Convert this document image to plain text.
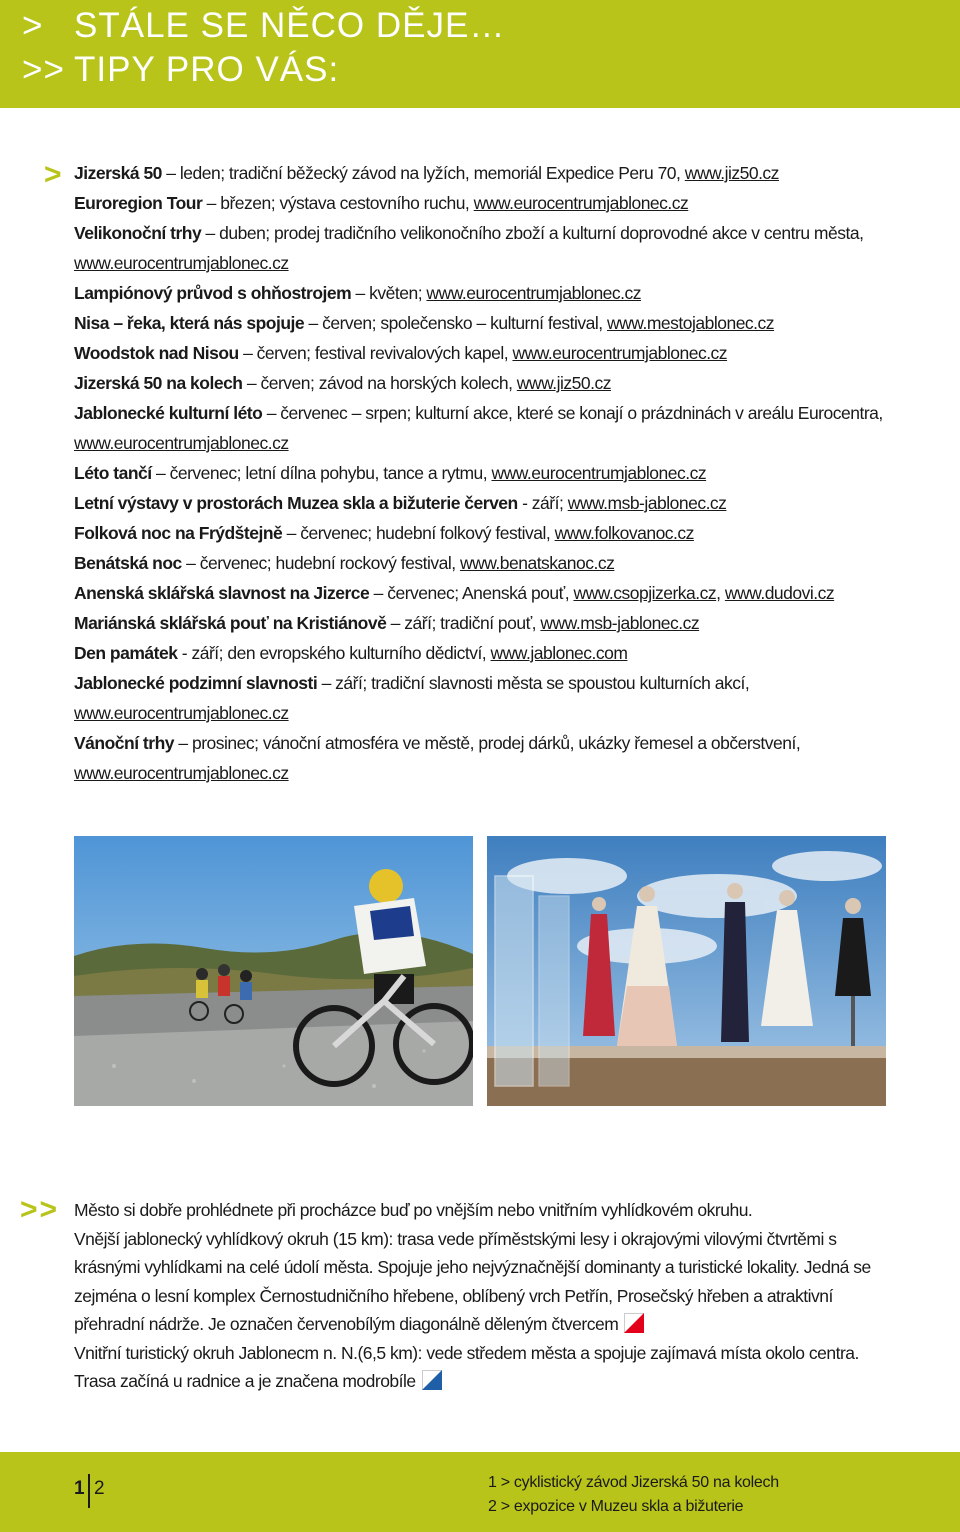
> STÁLE SE NĚCO DĚJE…
>> TIPY PRO VÁS:
> Jizerská 50 – leden; tradiční běžecký závod na lyžích, memoriál Expedice Peru 70, www.jiz50.cz
Euroregion Tour – březen; výstava cestovního ruchu, www.eurocentrumjablonec.cz
Velikonoční trhy – duben; prodej tradičního velikonočního zboží a kulturní doprovodné akce v centru města, www.eurocentrumjablonec.cz
Lampiónový průvod s ohňostrojem – květen; www.eurocentrumjablonec.cz
Nisa – řeka, která nás spojuje – červen; společensko – kulturní festival, www.mestojablonec.cz
Woodstok nad Nisou – červen; festival revivalových kapel, www.eurocentrumjablonec.cz
Jizerská 50 na kolech – červen; závod na horských kolech, www.jiz50.cz
Jablonecké kulturní léto – červenec – srpen; kulturní akce, které se konají o prázdninách v areálu Eurocentra, www.eurocentrumjablonec.cz
Léto tančí – červenec; letní dílna pohybu, tance a rytmu, www.eurocentrumjablonec.cz
Letní výstavy v prostorách Muzea skla a bižuterie červen - září; www.msb-jablonec.cz
Folková noc na Frýdštejně – červenec; hudební folkový festival, www.folkovanoc.cz
Benátská noc – červenec; hudební rockový festival, www.benatskanoc.cz
Anenská sklářská slavnost na Jizerce – červenec; Anenská pouť, www.csopjizerka.cz, www.dudovi.cz
Mariánská sklářská pouť na Kristiánově – září; tradiční pouť, www.msb-jablonec.cz
Den památek - září; den evropského kulturního dědictví, www.jablonec.com
Jablonecké podzimní slavnosti – září; tradiční slavnosti města se spoustou kulturních akcí, www.eurocentrumjablonec.cz
Vánoční trhy – prosinec; vánoční atmosféra ve městě, prodej dárků, ukázky řemesel a občerstvení, www.eurocentrumjablonec.cz
>> Město si dobře prohlédnete při procházce buď po vnějším nebo vnitřním vyhlídkovém okruhu.

Vnější jablonecký vyhlídkový okruh (15 km): trasa vede příměstskými lesy i okrajovými vilovými čtvrtěmi s krásnými vyhlídkami na celé údolí města. Spojuje jeho nejvýznačnější dominanty a turistické lokality. Jedná se zejména o lesní komplex Černostudničního hřebene, oblíbený vrch Petřín, Prosečský hřeben a atraktivní přehradní nádrže. Je označen červenobílým diagonálně děleným čtvercem

Vnitřní turistický okruh Jablonecm n. N.(6,5 km): vede středem města a spojuje zajímavá místa okolo centra. Trasa začíná u radnice a je značena modrobíle

1 2	1 > cyklistický závod Jizerská 50 na kolech
2 > expozice v Muzeu skla a bižuterie
